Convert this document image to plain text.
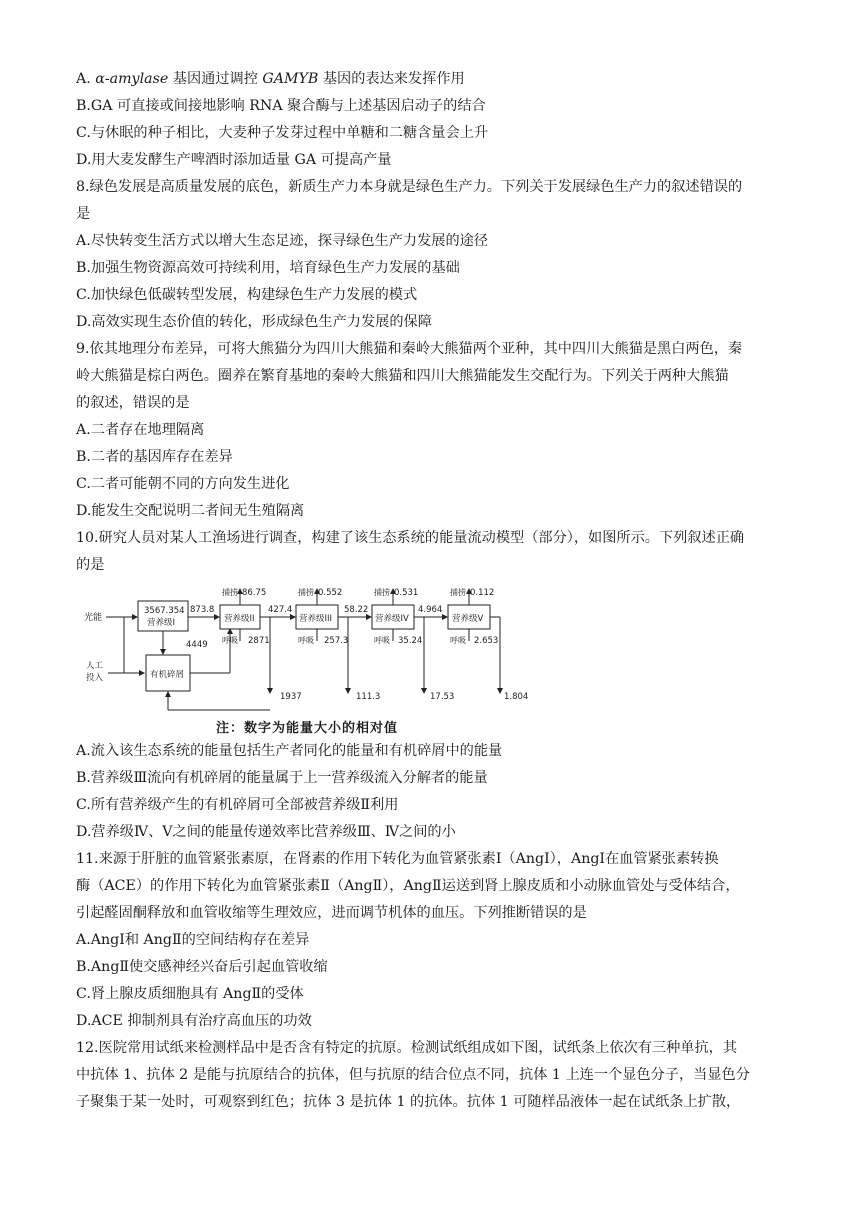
A. α-amylase 基因通过调控 GAMYB 基因的表达来发挥作用
B.GA 可直接或间接地影响 RNA 聚合酶与上述基因启动子的结合
C.与休眠的种子相比，大麦种子发芽过程中单糖和二糖含量会上升
D.用大麦发酵生产啤酒时添加适量 GA 可提高产量
8.绿色发展是高质量发展的底色，新质生产力本身就是绿色生产力。下列关于发展绿色生产力的叙述错误的
是
A.尽快转变生活方式以增大生态足迹，探寻绿色生产力发展的途径
B.加强生物资源高效可持续利用，培育绿色生产力发展的基础
C.加快绿色低碳转型发展，构建绿色生产力发展的模式
D.高效实现生态价值的转化，形成绿色生产力发展的保障
9.依其地理分布差异，可将大熊猫分为四川大熊猫和秦岭大熊猫两个亚种，其中四川大熊猫是黑白两色，秦
岭大熊猫是棕白两色。圈养在繁育基地的秦岭大熊猫和四川大熊猫能发生交配行为。下列关于两种大熊猫
的叙述，错误的是
A.二者存在地理隔离
B.二者的基因库存在差异
C.二者可能朝不同的方向发生进化
D.能发生交配说明二者间无生殖隔离
10.研究人员对某人工渔场进行调查，构建了该生态系统的能量流动模型（部分），如图所示。下列叙述正确
的是
光能
3567.354
营养级I
人工
投入	有机碎屑
4449
873.8
营养级II
捕捞 86.75
呼吸 2871
1937
427.4
营养级III
捕捞 0.552
呼吸 257.3
111.3
58.22
营养级IV
捕捞 0.531
呼吸 35.24
17.53
4.964
营养级V
捕捞 0.112
呼吸 2.653
1.804
注：数字为能量大小的相对值
A.流入该生态系统的能量包括生产者同化的能量和有机碎屑中的能量
B.营养级Ⅲ流向有机碎屑的能量属于上一营养级流入分解者的能量
C.所有营养级产生的有机碎屑可全部被营养级Ⅱ利用
D.营养级Ⅳ、Ⅴ之间的能量传递效率比营养级Ⅲ、Ⅳ之间的小
11.来源于肝脏的血管紧张素原，在肾素的作用下转化为血管紧张素Ⅰ（AngⅠ），AngⅠ在血管紧张素转换
酶（ACE）的作用下转化为血管紧张素Ⅱ（AngⅡ），AngⅡ运送到肾上腺皮质和小动脉血管处与受体结合，
引起醛固酮释放和血管收缩等生理效应，进而调节机体的血压。下列推断错误的是
A.AngⅠ和 AngⅡ的空间结构存在差异
B.AngⅡ使交感神经兴奋后引起血管收缩
C.肾上腺皮质细胞具有 AngⅡ的受体
D.ACE 抑制剂具有治疗高血压的功效
12.医院常用试纸来检测样品中是否含有特定的抗原。检测试纸组成如下图，试纸条上依次有三种单抗，其
中抗体 1、抗体 2 是能与抗原结合的抗体，但与抗原的结合位点不同，抗体 1 上连一个显色分子，当显色分
子聚集于某一处时，可观察到红色；抗体 3 是抗体 1 的抗体。抗体 1 可随样品液体一起在试纸条上扩散，
